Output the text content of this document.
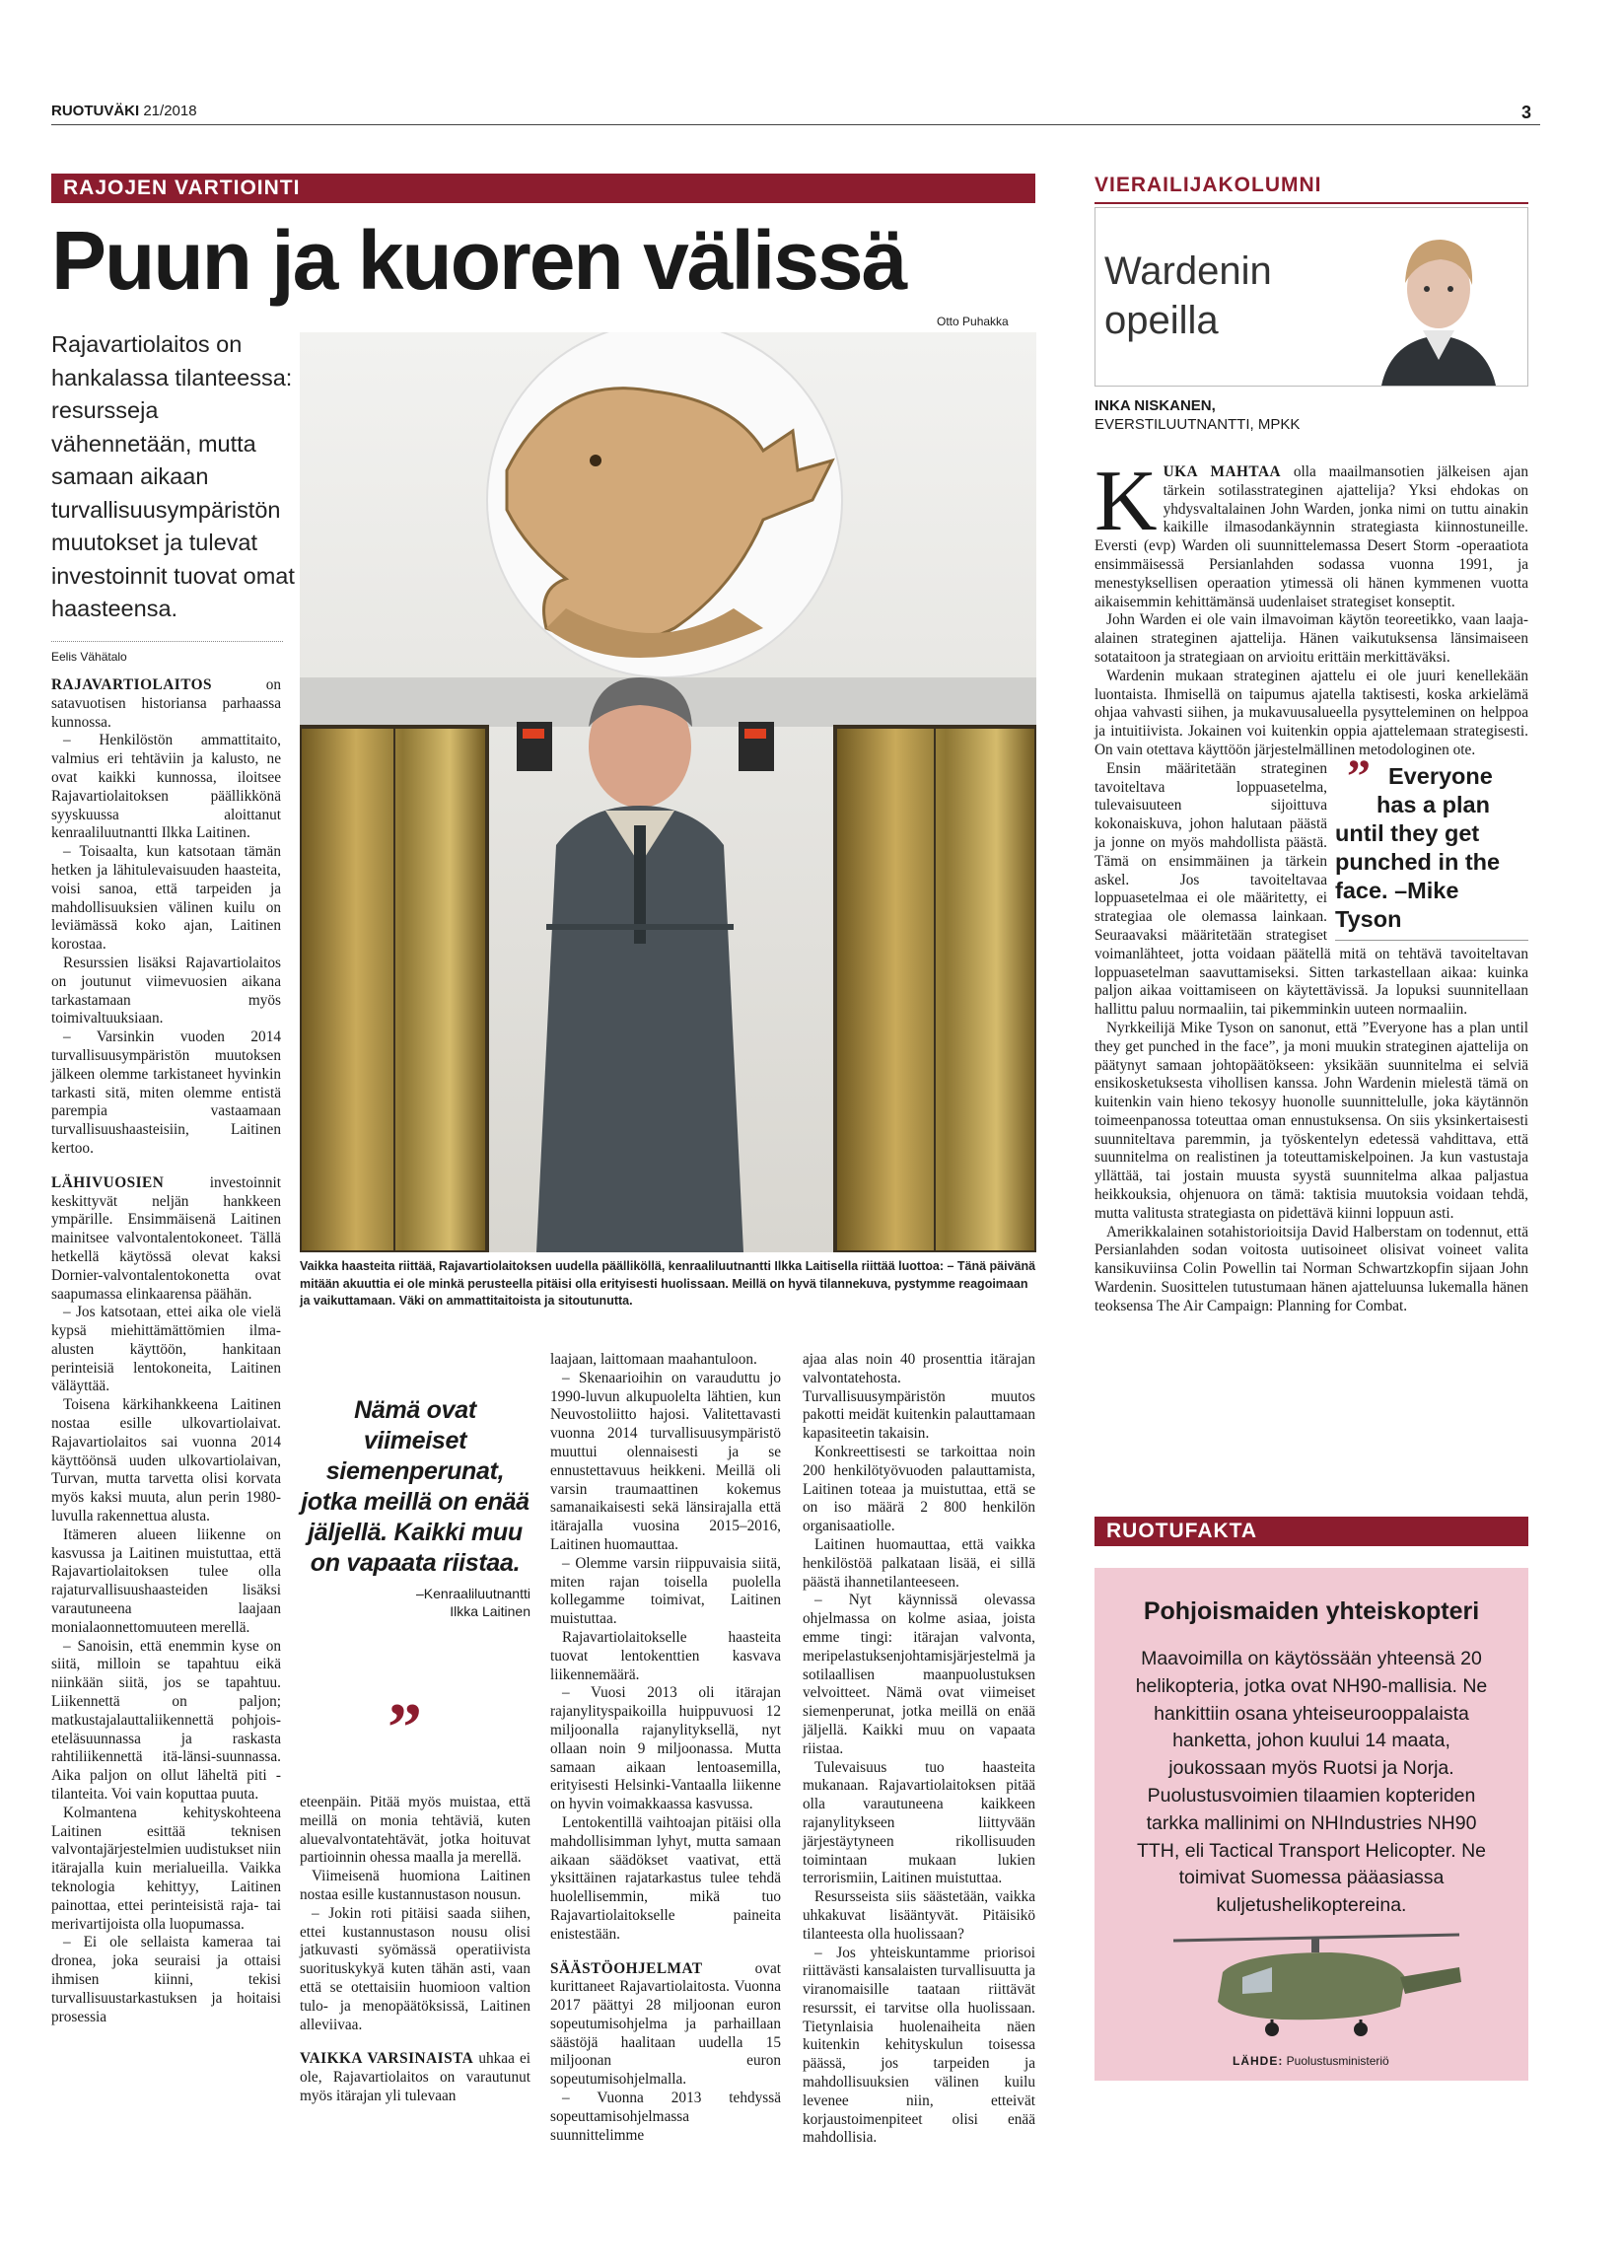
RUOTUVÄKI 21/2018	3
RAJOJEN VARTIOINTI
Puun ja kuoren välissä
Rajavartiolaitos on hankalassa tilanteessa: resursseja vähennetään, mutta samaan aikaan turvallisuusympäristön muutokset ja tulevat investoinnit tuovat omat haasteensa.
Eelis Vähätalo
Otto Puhakka
Vaikka haasteita riittää, Rajavartiolaitoksen uudella päälliköllä, kenraaliluutnantti Ilkka Laitisella riittää luottoa: – Tänä päivänä mitään akuuttia ei ole minkä perusteella pitäisi olla erityisesti huolissaan. Meillä on hyvä tilannekuva, pystymme reagoimaan ja vaikuttamaan. Väki on ammattitaitoista ja sitoutunutta.

RAJAVARTIOLAITOS on satavuotisen historiansa parhaassa kunnossa.

– Henkilöstön ammattitaito, valmius eri tehtäviin ja kalusto, ne ovat kaikki kunnossa, iloitsee Rajavartiolaitoksen päällikkönä syyskuussa aloittanut kenraaliluutnantti Ilkka Laitinen.

– Toisaalta, kun katsotaan tämän hetken ja lähitulevaisuuden haasteita, voisi sanoa, että tarpeiden ja mahdollisuuksien välinen kuilu on leviämässä koko ajan, Laitinen korostaa.

Resurssien lisäksi Rajavartiolaitos on joutunut viimevuosien aikana tarkastamaan myös toimivaltuuksiaan.

– Varsinkin vuoden 2014 turvallisuusympäristön muutoksen jälkeen olemme tarkistaneet hyvinkin tarkasti sitä, miten olemme entistä parempia vastaamaan turvallisuushaasteisiin, Laitinen kertoo.

LÄHIVUOSIEN investoinnit keskittyvät neljän hankkeen ympärille. Ensimmäisenä Laitinen mainitsee valvontalentokoneet. Tällä hetkellä käytössä olevat kaksi Dornier-valvontalentokonetta ovat saapumassa elinkaarensa päähän.

– Jos katsotaan, ettei aika ole vielä kypsä miehittämättömien ilma-alusten käyttöön, hankitaan perinteisiä lentokoneita, Laitinen väläyttää.

Toisena kärkihankkeena Laitinen nostaa esille ulkovartiolaivat. Rajavartiolaitos sai vuonna 2014 käyttöönsä uuden ulkovartiolaivan, Turvan, mutta tarvetta olisi korvata myös kaksi muuta, alun perin 1980-luvulla rakennettua alusta.

Itämeren alueen liikenne on kasvussa ja Laitinen muistuttaa, että Rajavartiolaitoksen tulee olla rajaturvallisuushaasteiden lisäksi varautuneena laajaan monialaonnettomuuteen merellä.

– Sanoisin, että enemmin kyse on siitä, milloin se tapahtuu eikä niinkään siitä, jos se tapahtuu. Liikennettä on paljon; matkustajalauttaliikennettä pohjois-eteläsuunnassa ja raskasta rahtiliikennettä itä-länsi-suunnassa. Aika paljon on ollut läheltä piti -tilanteita. Voi vain koputtaa puuta.

Kolmantena kehityskohteena Laitinen esittää teknisen valvontajärjestelmien uudistukset niin itärajalla kuin merialueilla. Vaikka teknologia kehittyy, Laitinen painottaa, ettei perinteisistä raja- tai merivartijoista olla luopumassa.

– Ei ole sellaista kameraa tai dronea, joka seuraisi ja ottaisi ihmisen kiinni, tekisi turvallisuustarkastuksen ja hoitaisi prosessia

Nämä ovat viimeiset siemenperunat, jotka meillä on enää jäljellä. Kaikki muu on vapaata riistaa.
–Kenraaliluutnantti
Ilkka Laitinen
”

eteenpäin. Pitää myös muistaa, että meillä on monia tehtäviä, kuten aluevalvontatehtävät, jotka hoituvat partioinnin ohessa maalla ja merellä.

Viimeisenä huomiona Laitinen nostaa esille kustannustason nousun.

– Jokin roti pitäisi saada siihen, ettei kustannustason nousu olisi jatkuvasti syömässä operatiivista suorituskykyä kuten tähän asti, vaan että se otettaisiin huomioon valtion tulo- ja menopäätöksissä, Laitinen alleviivaa.

VAIKKA VARSINAISTA uhkaa ei ole, Rajavartiolaitos on varautunut myös itärajan yli tulevaan

laajaan, laittomaan maahantuloon.

– Skenaarioihin on varauduttu jo 1990-luvun alkupuolelta lähtien, kun Neuvostoliitto hajosi. Valitettavasti vuonna 2014 turvallisuusympäristö muuttui olennaisesti ja se ennustettavuus heikkeni. Meillä oli varsin traumaattinen kokemus samanaikaisesti sekä länsirajalla että itärajalla vuosina 2015–2016, Laitinen huomauttaa.

– Olemme varsin riippuvaisia siitä, miten rajan toisella puolella kollegamme toimivat, Laitinen muistuttaa.

Rajavartiolaitokselle haasteita tuovat lentokenttien kasvava liikennemäärä.

– Vuosi 2013 oli itärajan rajanylityspaikoilla huippuvuosi 12 miljoonalla rajanylityksellä, nyt ollaan noin 9 miljoonassa. Mutta samaan aikaan lentoasemilla, erityisesti Helsinki-Vantaalla liikenne on hyvin voimakkaassa kasvussa.

Lentokentillä vaihtoajan pitäisi olla mahdollisimman lyhyt, mutta samaan aikaan säädökset vaativat, että yksittäinen rajatarkastus tulee tehdä huolellisemmin, mikä tuo Rajavartiolaitokselle paineita enistestään.

SÄÄSTÖOHJELMAT ovat kurittaneet Rajavartiolaitosta. Vuonna 2017 päättyi 28 miljoonan euron sopeutumisohjelma ja parhaillaan säästöjä haalitaan uudella 15 miljoonan euron sopeutumisohjelmalla.

– Vuonna 2013 tehdyssä sopeuttamisohjelmassa suunnittelimme

ajaa alas noin 40 prosenttia itärajan valvontatehosta. Turvallisuusympäristön muutos pakotti meidät kuitenkin palauttamaan kapasiteetin takaisin.

Konkreettisesti se tarkoittaa noin 200 henkilötyövuoden palauttamista, Laitinen toteaa ja muistuttaa, että se on iso määrä 2 800 henkilön organisaatiolle.

Laitinen huomauttaa, että vaikka henkilöstöä palkataan lisää, ei sillä päästä ihannetilanteeseen.

– Nyt käynnissä olevassa ohjelmassa on kolme asiaa, joista emme tingi: itärajan valvonta, meripelastuksenjohtamisjärjestelmä ja sotilaallisen maanpuolustuksen velvoitteet. Nämä ovat viimeiset siemenperunat, jotka meillä on enää jäljellä. Kaikki muu on vapaata riistaa.

Tulevaisuus tuo haasteita mukanaan. Rajavartiolaitoksen pitää olla varautuneena kaikkeen rajanylitykseen liittyvään järjestäytyneen rikollisuuden toimintaan mukaan lukien terrorismiin, Laitinen muistuttaa.

Resursseista siis säästetään, vaikka uhkakuvat lisääntyvät. Pitäisikö tilanteesta olla huolissaan?

– Jos yhteiskuntamme priorisoi riittävästi kansalaisten turvallisuutta ja viranomaisille taataan riittävät resurssit, ei tarvitse olla huolissaan. Tietynlaisia huolenaiheita näen kuitenkin kehityskulun toisessa päässä, jos tarpeiden ja mahdollisuuksien välinen kuilu levenee niin, etteivät korjaustoimenpiteet olisi enää mahdollisia.

VIERAILIJAKOLUMNI
Wardenin
opeilla
INKA NISKANEN,
EVERSTILUUTNANTTI, MPKK

KUKA MAHTAA olla maailmansotien jälkeisen ajan tärkein sotilasstrateginen ajattelija? Yksi ehdokas on yhdysvaltalainen John Warden, jonka nimi on tuttu ainakin kaikille ilmasodankäynnin strategiasta kiinnostuneille. Eversti (evp) Warden oli suunnittelemassa Desert Storm -operaatiota ensimmäisessä Persianlahden sodassa vuonna 1991, ja menestyksellisen operaation ytimessä oli hänen kymmenen vuotta aikaisemmin kehittämänsä uudenlaiset strategiset konseptit.

John Warden ei ole vain ilmavoiman käytön teoreetikko, vaan laaja-alainen strateginen ajattelija. Hänen vaikutuksensa länsimaiseen sotataitoon ja strategiaan on arvioitu erittäin merkittäväksi.

Wardenin mukaan strateginen ajattelu ei ole juuri kenellekään luontaista. Ihmisellä on taipumus ajatella taktisesti, koska arkielämä ohjaa vahvasti siihen, ja mukavuusalueella pysytteleminen on helppoa ja intuitiivista. Jokainen voi kuitenkin oppia ajattelemaan strategisesti. On vain otettava käyttöön järjestelmällinen metodologinen ote.

” Everyone has a plan until they get punched in the face. –Mike Tyson
Ensin määritetään strateginen tavoiteltava loppuasetelma, tulevaisuuteen sijoittuva kokonaiskuva, johon halutaan päästä ja jonne on myös mahdollista päästä. Tämä on ensimmäinen ja tärkein askel. Jos tavoiteltavaa loppuasetelmaa ei ole määritetty, ei strategiaa ole olemassa lainkaan. Seuraavaksi määritetään strategiset voimanlähteet, jotta voidaan päätellä mitä on tehtävä tavoiteltavan loppuasetelman saavuttamiseksi. Sitten tarkastellaan aikaa: kuinka paljon aikaa voittamiseen on käytettävissä. Ja lopuksi suunnitellaan hallittu paluu normaaliin, tai pikemminkin uuteen normaaliin.

Nyrkkeilijä Mike Tyson on sanonut, että ”Everyone has a plan until they get punched in the face”, ja moni muukin strateginen ajattelija on päätynyt samaan johtopäätökseen: yksikään suunnitelma ei selviä ensikosketuksesta vihollisen kanssa. John Wardenin mielestä tämä on kuitenkin vain hieno tekosyy huonolle suunnittelulle, joka käytännön toimeenpanossa toteuttaa oman ennustuksensa. On siis yksinkertaisesti suunniteltava paremmin, ja työskentelyn edetessä vahdittava, että suunnitelma on realistinen ja toteuttamiskelpoinen. Ja kun vastustaja yllättää, tai jostain muusta syystä suunnitelma alkaa paljastua heikkouksia, ohjenuora on tämä: taktisia muutoksia voidaan tehdä, mutta valitusta strategiasta on pidettävä kiinni loppuun asti.

Amerikkalainen sotahistorioitsija David Halberstam on todennut, että Persianlahden sodan voitosta uutisoineet olisivat voineet valita kansikuviinsa Colin Powellin tai Norman Schwartzkopfin sijaan John Wardenin. Suosittelen tutustumaan hänen ajatteluunsa lukemalla hänen teoksensa The Air Campaign: Planning for Combat.

RUOTUFAKTA
Pohjoismaiden yhteiskopteri
Maavoimilla on käytössään yhteensä 20 helikopteria, jotka ovat NH90-mallisia. Ne hankittiin osana yhteiseurooppalaista hanketta, johon kuului 14 maata, joukossaan myös Ruotsi ja Norja. Puolustusvoimien tilaamien kopteriden tarkka mallinimi on NHIndustries NH90 TTH, eli Tactical Transport Helicopter. Ne toimivat Suomessa pääasiassa kuljetushelikoptereina.
LÄHDE: Puolustusministeriö
